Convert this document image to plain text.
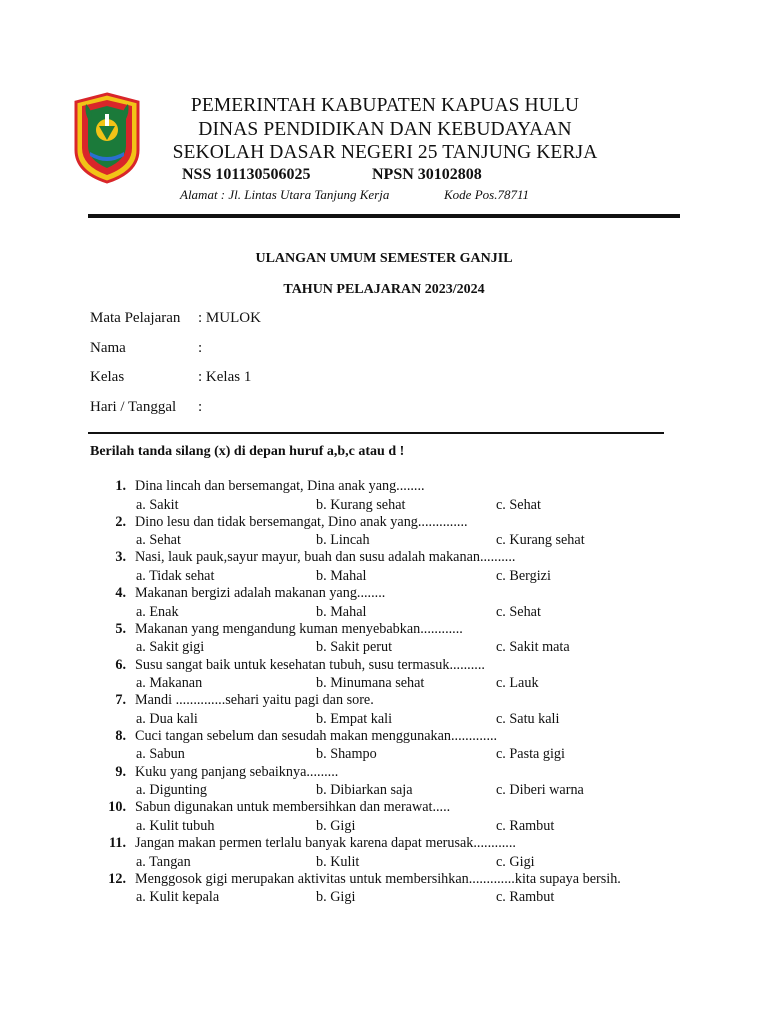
PEMERINTAH KABUPATEN KAPUAS HULU
DINAS PENDIDIKAN DAN KEBUDAYAAN
SEKOLAH DASAR NEGERI 25 TANJUNG KERJA
NSS 101130506025	NPSN 30102808
Alamat : Jl. Lintas Utara Tanjung Kerja	Kode Pos.78711
ULANGAN UMUM SEMESTER GANJIL
TAHUN PELAJARAN 2023/2024
Mata Pelajaran : MULOK
Nama	:
Kelas	: Kelas 1
Hari / Tanggal :
Berilah tanda silang (x) di depan huruf a,b,c atau d !
1. Dina lincah dan bersemangat, Dina anak yang........
a. Sakit	b. Kurang sehat	c. Sehat
2. Dino lesu dan tidak bersemangat, Dino anak yang..............
a. Sehat	b. Lincah	c. Kurang sehat
3. Nasi, lauk pauk,sayur mayur, buah dan susu adalah makanan..........
a. Tidak sehat	b. Mahal	c. Bergizi
4. Makanan bergizi adalah makanan yang........
a. Enak	b. Mahal	c. Sehat
5. Makanan yang mengandung kuman menyebabkan............
a. Sakit gigi	b. Sakit perut	c. Sakit mata
6. Susu sangat baik untuk kesehatan tubuh, susu termasuk..........
a. Makanan	b. Minumana sehat	c. Lauk
7. Mandi ..............sehari yaitu pagi dan sore.
a. Dua kali	b. Empat kali	c. Satu kali
8. Cuci tangan sebelum dan sesudah makan menggunakan.............
a. Sabun	b. Shampo	c. Pasta gigi
9. Kuku yang panjang sebaiknya.........
a. Digunting	b. Dibiarkan saja	c. Diberi warna
10. Sabun digunakan untuk membersihkan dan merawat.....
a. Kulit tubuh	b. Gigi	c. Rambut
11. Jangan makan permen terlalu banyak karena dapat merusak............
a. Tangan	b. Kulit	c. Gigi
12. Menggosok gigi merupakan aktivitas untuk membersihkan.............kita supaya bersih.
a. Kulit kepala	b. Gigi	c. Rambut
